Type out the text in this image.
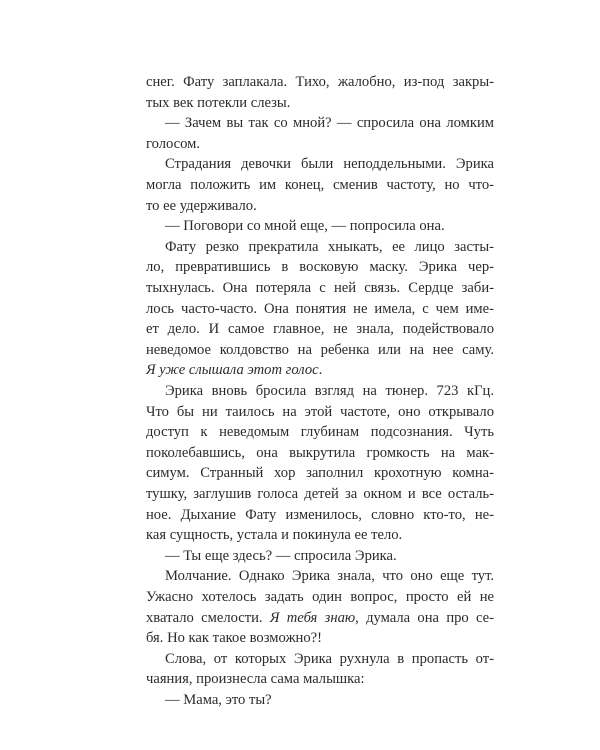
снег. Фату заплакала. Тихо, жалобно, из-под закры-
тых век потекли слезы.
— Зачем вы так со мной? — спросила она ломким
голосом.
Страдания девочки были неподдельными. Эрика
могла положить им конец, сменив частоту, но что-
то ее удерживало.
— Поговори со мной еще, — попросила она.
Фату резко прекратила хныкать, ее лицо засты-
ло, превратившись в восковую маску. Эрика чер-
тыхнулась. Она потеряла с ней связь. Сердце заби-
лось часто-часто. Она понятия не имела, с чем име-
ет дело. И самое главное, не знала, подействовало
неведомое колдовство на ребенка или на нее саму.
Я уже слышала этот голос.
Эрика вновь бросила взгляд на тюнер. 723 кГц.
Что бы ни таилось на этой частоте, оно открывало
доступ к неведомым глубинам подсознания. Чуть
поколебавшись, она выкрутила громкость на мак-
симум. Странный хор заполнил крохотную комна-
тушку, заглушив голоса детей за окном и все осталь-
ное. Дыхание Фату изменилось, словно кто-то, не-
кая сущность, устала и покинула ее тело.
— Ты еще здесь? — спросила Эрика.
Молчание. Однако Эрика знала, что оно еще тут.
Ужасно хотелось задать один вопрос, просто ей не
хватало смелости. Я тебя знаю, думала она про се-
бя. Но как такое возможно?!
Слова, от которых Эрика рухнула в пропасть от-
чаяния, произнесла сама малышка:
— Мама, это ты?
